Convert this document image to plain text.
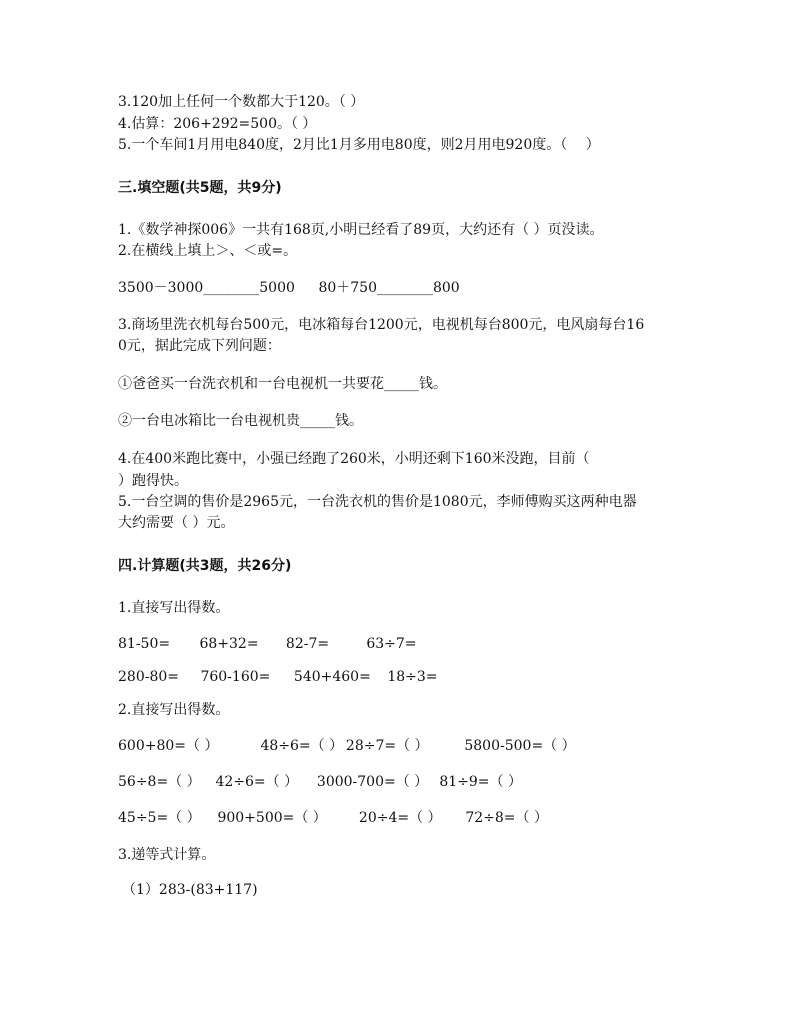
3.120加上任何一个数都大于120。（ ）
4.估算：206+292=500。（ ）
5.一个车间1月用电840度，2月比1月多用电80度，则2月用电920度。（　 ）
三.填空题(共5题，共9分)
1.《数学神探006》一共有168页,小明已经看了89页，大约还有（ ）页没读。
2.在横线上填上＞、＜或=。
3500－3000________5000 80＋750________800
3.商场里洗衣机每台500元，电冰箱每台1200元，电视机每台800元，电风扇每台16
0元，据此完成下列问题：
①爸爸买一台洗衣机和一台电视机一共要花_____钱。
②一台电冰箱比一台电视机贵_____钱。
4.在400米跑比赛中，小强已经跑了260米，小明还剩下160米没跑，目前（
）跑得快。
5.一台空调的售价是2965元，一台洗衣机的售价是1080元，李师傅购买这两种电器
大约需要（ ）元。
四.计算题(共3题，共26分)
1.直接写出得数。
81-50= 68+32= 82-7=	63÷7=
280-80= 760-160= 540+460= 18÷3=
2.直接写出得数。
600+80=（ ）	48÷6=（ ） 28÷7=（ ）	5800-500=（ ）
56÷8=（ ） 42÷6=（ ） 3000-700=（ ） 81÷9=（ ）
45÷5=（ ） 900+500=（ ） 20÷4=（ ） 72÷8=（ ）
3.递等式计算。
（1）283-(83+117)
